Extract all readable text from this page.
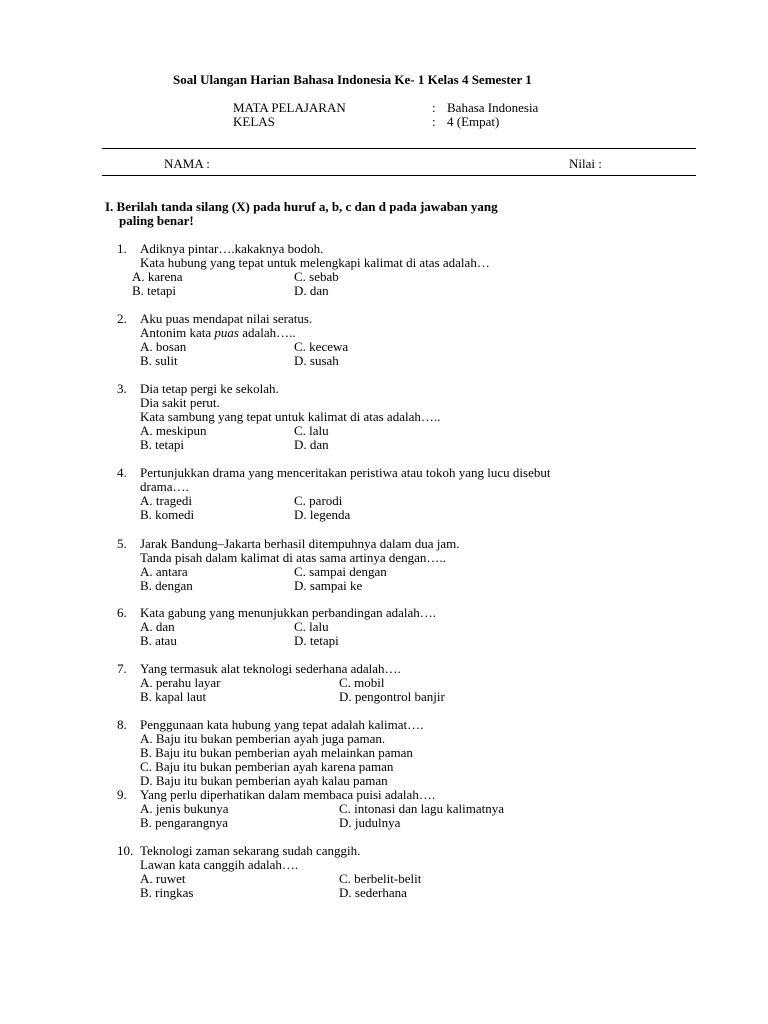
Soal Ulangan Harian Bahasa Indonesia Ke- 1 Kelas 4 Semester 1
MATA PELAJARAN	: Bahasa Indonesia
KELAS	: 4 (Empat)
NAMA :	Nilai :
I. Berilah tanda silang (X) pada huruf a, b, c dan d pada jawaban yang
paling benar!
1. Adiknya pintar….kakaknya bodoh.
Kata hubung yang tepat untuk melengkapi kalimat di atas adalah…
A. karena	C. sebab
B. tetapi	D. dan
2. Aku puas mendapat nilai seratus.
Antonim kata puas adalah…..
A. bosan	C. kecewa
B. sulit	D. susah
3. Dia tetap pergi ke sekolah.
Dia sakit perut.
Kata sambung yang tepat untuk kalimat di atas adalah…..
A. meskipun	C. lalu
B. tetapi	D. dan
4. Pertunjukkan drama yang menceritakan peristiwa atau tokoh yang lucu disebut
drama….
A. tragedi	C. parodi
B. komedi	D. legenda
5. Jarak Bandung–Jakarta berhasil ditempuhnya dalam dua jam.
Tanda pisah dalam kalimat di atas sama artinya dengan…..
A. antara	C. sampai dengan
B. dengan	D. sampai ke
6. Kata gabung yang menunjukkan perbandingan adalah….
A. dan	C. lalu
B. atau	D. tetapi
7. Yang termasuk alat teknologi sederhana adalah….
A. perahu layar	C. mobil
B. kapal laut	D. pengontrol banjir
8. Penggunaan kata hubung yang tepat adalah kalimat….
A. Baju itu bukan pemberian ayah juga paman.
B. Baju itu bukan pemberian ayah melainkan paman
C. Baju itu bukan pemberian ayah karena paman
D. Baju itu bukan pemberian ayah kalau paman
9. Yang perlu diperhatikan dalam membaca puisi adalah….
A. jenis bukunya	C. intonasi dan lagu kalimatnya
B. pengarangnya	D. judulnya
10. Teknologi zaman sekarang sudah canggih.
Lawan kata canggih adalah….
A. ruwet	C. berbelit-belit
B. ringkas	D. sederhana
